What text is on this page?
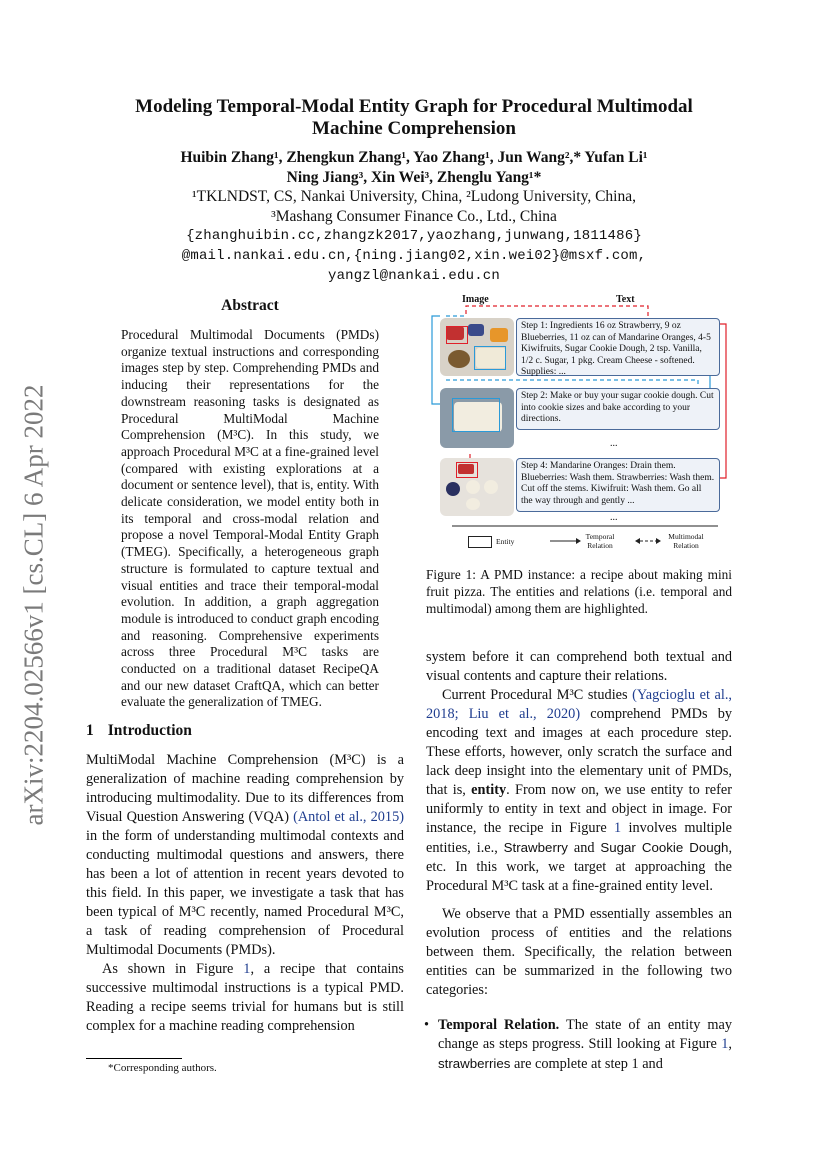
arXiv:2204.02566v1 [cs.CL] 6 Apr 2022
Modeling Temporal-Modal Entity Graph for Procedural Multimodal Machine Comprehension
Huibin Zhang¹, Zhengkun Zhang¹, Yao Zhang¹, Jun Wang²,* Yufan Li¹
Ning Jiang³, Xin Wei³, Zhenglu Yang¹*
¹TKLNDST, CS, Nankai University, China, ²Ludong University, China,
³Mashang Consumer Finance Co., Ltd., China
{zhanghuibin.cc,zhangzk2017,yaozhang,junwang,1811486}
@mail.nankai.edu.cn,{ning.jiang02,xin.wei02}@msxf.com,
yangzl@nankai.edu.cn
Abstract
Procedural Multimodal Documents (PMDs) organize textual instructions and corresponding images step by step. Comprehending PMDs and inducing their representations for the downstream reasoning tasks is designated as Procedural MultiModal Machine Comprehension (M³C). In this study, we approach Procedural M³C at a fine-grained level (compared with existing explorations at a document or sentence level), that is, entity. With delicate consideration, we model entity both in its temporal and cross-modal relation and propose a novel Temporal-Modal Entity Graph (TMEG). Specifically, a heterogeneous graph structure is formulated to capture textual and visual entities and trace their temporal-modal evolution. In addition, a graph aggregation module is introduced to conduct graph encoding and reasoning. Comprehensive experiments across three Procedural M³C tasks are conducted on a traditional dataset RecipeQA and our new dataset CraftQA, which can better evaluate the generalization of TMEG.
1 Introduction

MultiModal Machine Comprehension (M³C) is a generalization of machine reading comprehension by introducing multimodality. Due to its differences from Visual Question Answering (VQA) (Antol et al., 2015) in the form of understanding multimodal contexts and conducting multimodal questions and answers, there has been a lot of attention in recent years devoted to this field. In this paper, we investigate a task that has been typical of M³C recently, named Procedural M³C, a task of reading comprehension of Procedural Multimodal Documents (PMDs).

As shown in Figure 1, a recipe that contains successive multimodal instructions is a typical PMD. Reading a recipe seems trivial for humans but is still complex for a machine reading comprehension

*Corresponding authors.
Image	Text
Step 1: Ingredients 16 oz Strawberry, 9 oz Blueberries, 11 oz can of Mandarine Oranges, 4-5 Kiwifruits, Sugar Cookie Dough, 2 tsp. Vanilla, 1/2 c. Sugar, 1 pkg. Cream Cheese - softened. Supplies: ...
Step 2: Make or buy your sugar cookie dough. Cut into cookie sizes and bake according to your directions.
...
Step 4: Mandarine Oranges: Drain them. Blueberries: Wash them. Strawberries: Wash them. Cut off the stems. Kiwifruit: Wash them. Go all the way through and gently ...
...
Entity
Temporal Relation
Multimodal Relation
Figure 1: A PMD instance: a recipe about making mini fruit pizza. The entities and relations (i.e. temporal and multimodal) among them are highlighted.

system before it can comprehend both textual and visual contents and capture their relations.

Current Procedural M³C studies (Yagcioglu et al., 2018; Liu et al., 2020) comprehend PMDs by encoding text and images at each procedure step. These efforts, however, only scratch the surface and lack deep insight into the elementary unit of PMDs, that is, entity. From now on, we use entity to refer uniformly to entity in text and object in image. For instance, the recipe in Figure 1 involves multiple entities, i.e., Strawberry and Sugar Cookie Dough, etc. In this work, we target at approaching the Procedural M³C task at a fine-grained entity level.

We observe that a PMD essentially assembles an evolution process of entities and the relations between them. Specifically, the relation between entities can be summarized in the following two categories:

• Temporal Relation. The state of an entity may change as steps progress. Still looking at Figure 1, strawberries are complete at step 1 and
